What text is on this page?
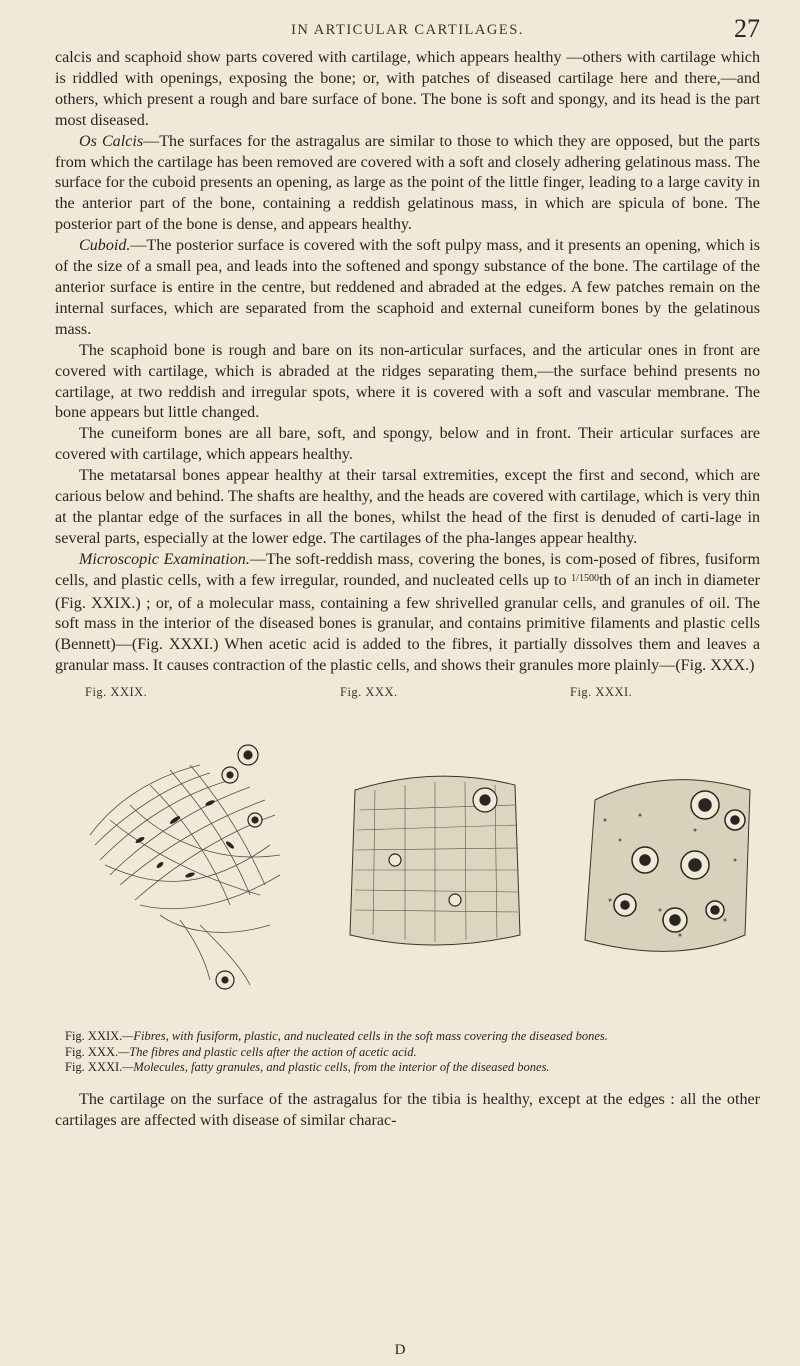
IN ARTICULAR CARTILAGES.	27

calcis and scaphoid show parts covered with cartilage, which appears healthy —others with cartilage which is riddled with openings, exposing the bone; or, with patches of diseased cartilage here and there,—and others, which present a rough and bare surface of bone. The bone is soft and spongy, and its head is the part most diseased.

Os Calcis—The surfaces for the astragalus are similar to those to which they are opposed, but the parts from which the cartilage has been removed are covered with a soft and closely adhering gelatinous mass. The surface for the cuboid presents an opening, as large as the point of the little finger, leading to a large cavity in the anterior part of the bone, containing a reddish gelatinous mass, in which are spicula of bone. The posterior part of the bone is dense, and appears healthy.

Cuboid.—The posterior surface is covered with the soft pulpy mass, and it presents an opening, which is of the size of a small pea, and leads into the softened and spongy substance of the bone. The cartilage of the anterior surface is entire in the centre, but reddened and abraded at the edges. A few patches remain on the internal surfaces, which are separated from the scaphoid and external cuneiform bones by the gelatinous mass.

The scaphoid bone is rough and bare on its non-articular surfaces, and the articular ones in front are covered with cartilage, which is abraded at the ridges separating them,—the surface behind presents no cartilage, at two reddish and irregular spots, where it is covered with a soft and vascular membrane. The bone appears but little changed.

The cuneiform bones are all bare, soft, and spongy, below and in front. Their articular surfaces are covered with cartilage, which appears healthy.

The metatarsal bones appear healthy at their tarsal extremities, except the first and second, which are carious below and behind. The shafts are healthy, and the heads are covered with cartilage, which is very thin at the plantar edge of the surfaces in all the bones, whilst the head of the first is denuded of carti-lage in several parts, especially at the lower edge. The cartilages of the pha-langes appear healthy.

Microscopic Examination.—The soft-reddish mass, covering the bones, is com-posed of fibres, fusiform cells, and plastic cells, with a few irregular, rounded, and nucleated cells up to $^{1/1500}$th of an inch in diameter (Fig. XXIX.) ; or, of a molecular mass, containing a few shrivelled granular cells, and granules of oil. The soft mass in the interior of the diseased bones is granular, and contains primitive filaments and plastic cells (Bennett)—(Fig. XXXI.) When acetic acid is added to the fibres, it partially dissolves them and leaves a granular mass. It causes contraction of the plastic cells, and shows their granules more plainly—(Fig. XXX.)

Fig. XXIX.	Fig. XXX.	Fig. XXXI.

Fig. XXIX.—Fibres, with fusiform, plastic, and nucleated cells in the soft mass covering the diseased bones.

Fig. XXX.—The fibres and plastic cells after the action of acetic acid.

Fig. XXXI.—Molecules, fatty granules, and plastic cells, from the interior of the diseased bones.

The cartilage on the surface of the astragalus for the tibia is healthy, except at the edges : all the other cartilages are affected with disease of similar charac-

D
